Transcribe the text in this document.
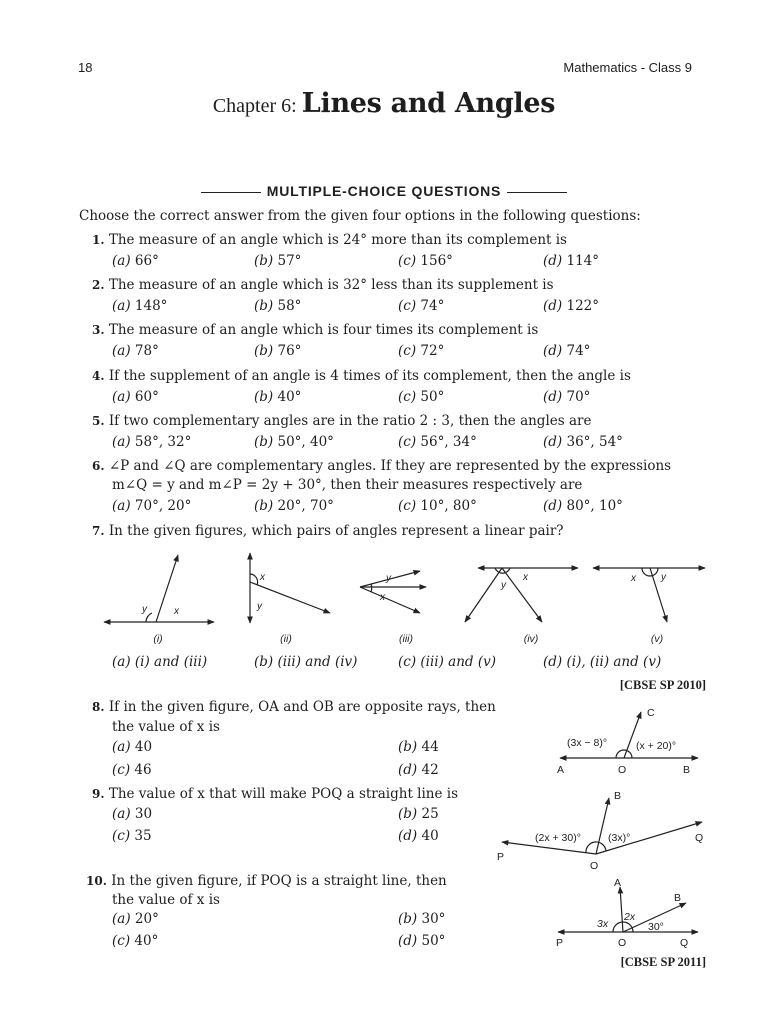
18	Mathematics - Class 9
Chapter 6: Lines and Angles
MULTIPLE-CHOICE QUESTIONS
Choose the correct answer from the given four options in the following questions:
1. The measure of an angle which is 24° more than its complement is
(a) 66°	(b) 57°	(c) 156°	(d) 114°
2. The measure of an angle which is 32° less than its supplement is
(a) 148°	(b) 58°	(c) 74°	(d) 122°
3. The measure of an angle which is four times its complement is
(a) 78°	(b) 76°	(c) 72°	(d) 74°
4. If the supplement of an angle is 4 times of its complement, then the angle is
(a) 60°	(b) 40°	(c) 50°	(d) 70°
5. If two complementary angles are in the ratio 2 : 3, then the angles are
(a) 58°, 32°	(b) 50°, 40°	(c) 56°, 34°	(d) 36°, 54°
6. ∠P and ∠Q are complementary angles. If they are represented by the expressions
m∠Q = y and m∠P = 2y + 30°, then their measures respectively are
(a) 70°, 20°	(b) 20°, 70°	(c) 10°, 80°	(d) 80°, 10°
7. In the given figures, which pairs of angles represent a linear pair?
y	x
x
y
y
x
y
x	x	y
(i)	(ii)	(iii)	(iv)	(v)
(a) (i) and (iii)	(b) (iii) and (iv)	(c) (iii) and (v)	(d) (i), (ii) and (v)
[CBSE SP 2010]
8. If in the given figure, OA and OB are opposite rays, then
the value of x is
(a) 40	(b) 44
(c) 46	(d) 42
(3x − 8)°	(x + 20)°
C
A	O	B
9. The value of x that will make POQ a straight line is
(a) 30	(b) 25
(c) 35	(d) 40	(2x + 30)°	(3x)°
B
P
O
Q
10. In the given figure, if POQ is a straight line, then
the value of x is
(a) 20°	(b) 30°
(c) 40°	(d) 50°
3x
2x
30°
A
B
P	O	Q
[CBSE SP 2011]
